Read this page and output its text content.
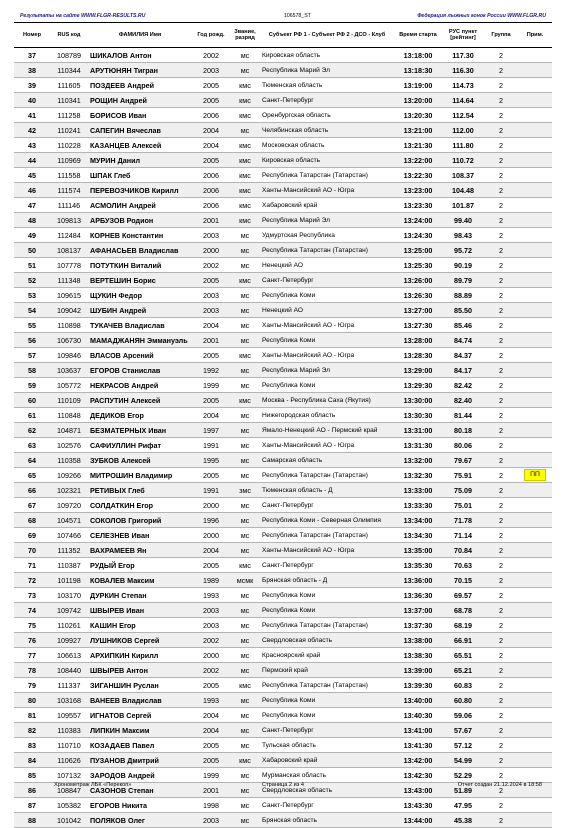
Результаты на сайте WWW.FLGR-RESULTS.RU	106578_ST	Федерация лыжных гонок России WWW.FLGR.RU
Номер	RUS код	ФАМИЛИЯ Имя	Год рожд.	Звание, разряд	Субъект РФ 1 - Субъект РФ 2 - ДСО - Клуб	Время старта	РУС пункт [рейтинг]	Группа	Прим.
37	108789	ШИКАЛОВ Антон	2002	мс	Кировская область	13:18:00	117.30	2	
38	110344	АРУТЮНЯН Тигран	2003	мс	Республика Марий Эл	13:18:30	116.30	2	
39	111605	ПОЗДЕЕВ Андрей	2005	кмс	Тюменская область	13:19:00	114.73	2	
40	110341	РОЩИН Андрей	2005	кмс	Санкт-Петербург	13:20:00	114.64	2	
41	111258	БОРИСОВ Иван	2006	кмс	Оренбургская область	13:20:30	112.54	2	
42	110241	САПЕГИН Вячеслав	2004	мс	Челябинская область	13:21:00	112.00	2	
43	110228	КАЗАНЦЕВ Алексей	2004	кмс	Московская область	13:21:30	111.80	2	
44	110969	МУРИН Данил	2005	кмс	Кировская область	13:22:00	110.72	2	
45	111558	ШПАК Глеб	2006	кмс	Республика Татарстан (Татарстан)	13:22:30	108.37	2	
46	111574	ПЕРЕВОЗЧИКОВ Кирилл	2006	кмс	Ханты-Мансийский АО - Югра	13:23:00	104.48	2	
47	111146	АСМОЛИН Андрей	2006	кмс	Хабаровский край	13:23:30	101.87	2	
48	109813	АРБУЗОВ Родион	2001	кмс	Республика Марий Эл	13:24:00	99.40	2	
49	112484	КОРНЕВ Константин	2003	мс	Удмуртская Республика	13:24:30	98.43	2	
50	108137	АФАНАСЬЕВ Владислав	2000	мс	Республика Татарстан (Татарстан)	13:25:00	95.72	2	
51	107778	ПОТУТКИН Виталий	2002	мс	Ненецкий АО	13:25:30	90.19	2	
52	111348	ВЕРТЕШИН Борис	2005	кмс	Санкт-Петербург	13:26:00	89.79	2	
53	109615	ЩУКИН Федор	2003	мс	Республика Коми	13:26:30	88.89	2	
54	109042	ШУБИН Андрей	2003	мс	Ненецкий АО	13:27:00	85.50	2	
55	110898	ТУКАЧЕВ Владислав	2004	мс	Ханты-Мансийский АО - Югра	13:27:30	85.46	2	
56	106730	МАМАДЖАНЯН Эммануэль	2001	мс	Республика Коми	13:28:00	84.74	2	
57	109846	ВЛАСОВ Арсений	2005	кмс	Ханты-Мансийский АО - Югра	13:28:30	84.37	2	
58	103637	ЕГОРОВ Станислав	1992	мс	Республика Марий Эл	13:29:00	84.17	2	
59	105772	НЕКРАСОВ Андрей	1999	мс	Республика Коми	13:29:30	82.42	2	
60	110109	РАСПУТИН Алексей	2005	кмс	Москва - Республика Саха (Якутия)	13:30:00	82.40	2	
61	110848	ДЕДИКОВ Егор	2004	мс	Нижегородская область	13:30:30	81.44	2	
62	104871	БЕЗМАТЕРНЫХ Иван	1997	мс	Ямало-Ненецкий АО - Пермский край	13:31:00	80.18	2	
63	102576	САФИУЛЛИН Рифат	1991	мс	Ханты-Мансийский АО - Югра	13:31:30	80.06	2	
64	110358	ЗУБКОВ Алексей	1995	мс	Самарская область	13:32:00	79.67	2	
65	109266	МИТРОШИН Владимир	2005	мс	Республика Татарстан (Татарстан)	13:32:30	75.91	2	ПП
66	102321	РЕТИВЫХ Глеб	1991	змс	Тюменская область - Д	13:33:00	75.09	2	
67	109720	СОЛДАТКИН Егор	2000	мс	Санкт-Петербург	13:33:30	75.01	2	
68	104571	СОКОЛОВ Григорий	1996	мс	Республика Коми - Северная Олимпия	13:34:00	71.78	2	
69	107466	СЕЛЕЗНЕВ Иван	2000	мс	Республика Татарстан (Татарстан)	13:34:30	71.14	2	
70	111352	ВАХРАМЕЕВ Ян	2004	мс	Ханты-Мансийский АО - Югра	13:35:00	70.84	2	
71	110387	РУДЫЙ Егор	2005	кмс	Санкт-Петербург	13:35:30	70.63	2	
72	101198	КОВАЛЕВ Максим	1989	мсмк	Брянская область - Д	13:36:00	70.15	2	
73	103170	ДУРКИН Степан	1993	мс	Республика Коми	13:36:30	69.57	2	
74	109742	ШВЫРЕВ Иван	2003	мс	Республика Коми	13:37:00	68.78	2	
75	110261	КАШИН Егор	2003	мс	Республика Татарстан (Татарстан)	13:37:30	68.19	2	
76	109927	ЛУШНИКОВ Сергей	2002	мс	Свердловская область	13:38:00	66.91	2	
77	106613	АРХИПКИН Кирилл	2000	мс	Красноярский край	13:38:30	65.51	2	
78	108440	ШВЫРЕВ Антон	2002	мс	Пермский край	13:39:00	65.21	2	
79	111337	ЗИГАНШИН Руслан	2005	кмс	Республика Татарстан (Татарстан)	13:39:30	60.83	2	
80	103168	ВАНЕЕВ Владислав	1993	мс	Республика Коми	13:40:00	60.80	2	
81	109557	ИГНАТОВ Сергей	2004	мс	Республика Коми	13:40:30	59.06	2	
82	110383	ЛИПКИН Максим	2004	мс	Санкт-Петербург	13:41:00	57.67	2	
83	110710	КОЗАДАЕВ Павел	2005	мс	Тульская область	13:41:30	57.12	2	
84	110626	ПУЗАНОВ Дмитрий	2005	кмс	Хабаровский край	13:42:00	54.99	2	
85	107132	ЗАРОДОВ Андрей	1999	мс	Мурманская область	13:42:30	52.29	2	
86	108847	САЗОНОВ Степан	2001	мс	Свердловская область	13:43:00	51.89	2	
87	105382	ЕГОРОВ Никита	1998	мс	Санкт-Петербург	13:43:30	47.95	2	
88	101042	ПОЛЯКОВ Олег	2003	мс	Брянская область	13:44:00	45.38	2	
Хронометраж ЛБК «Перекоп»	Страница 2 из 4	Отчет создан 21.12.2024 в 18:58
